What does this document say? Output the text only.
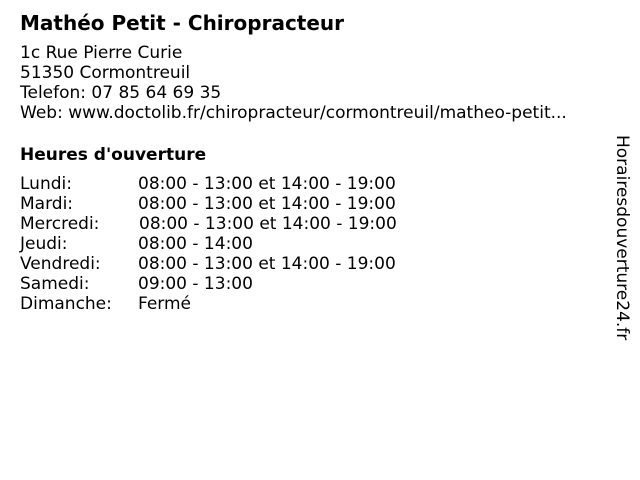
Mathéo Petit - Chiropracteur
1c Rue Pierre Curie
51350 Cormontreuil
Telefon: 07 85 64 69 35
Web: www.doctolib.fr/chiropracteur/cormontreuil/matheo-petit...
Heures d'ouverture
Lundi:	08:00 - 13:00 et 14:00 - 19:00
Mardi:	08:00 - 13:00 et 14:00 - 19:00
Mercredi: 08:00 - 13:00 et 14:00 - 19:00
Jeudi:	08:00 - 14:00
Vendredi: 08:00 - 13:00 et 14:00 - 19:00
Samedi:	09:00 - 13:00
Dimanche: Fermé	Horairesdouverture24.fr
